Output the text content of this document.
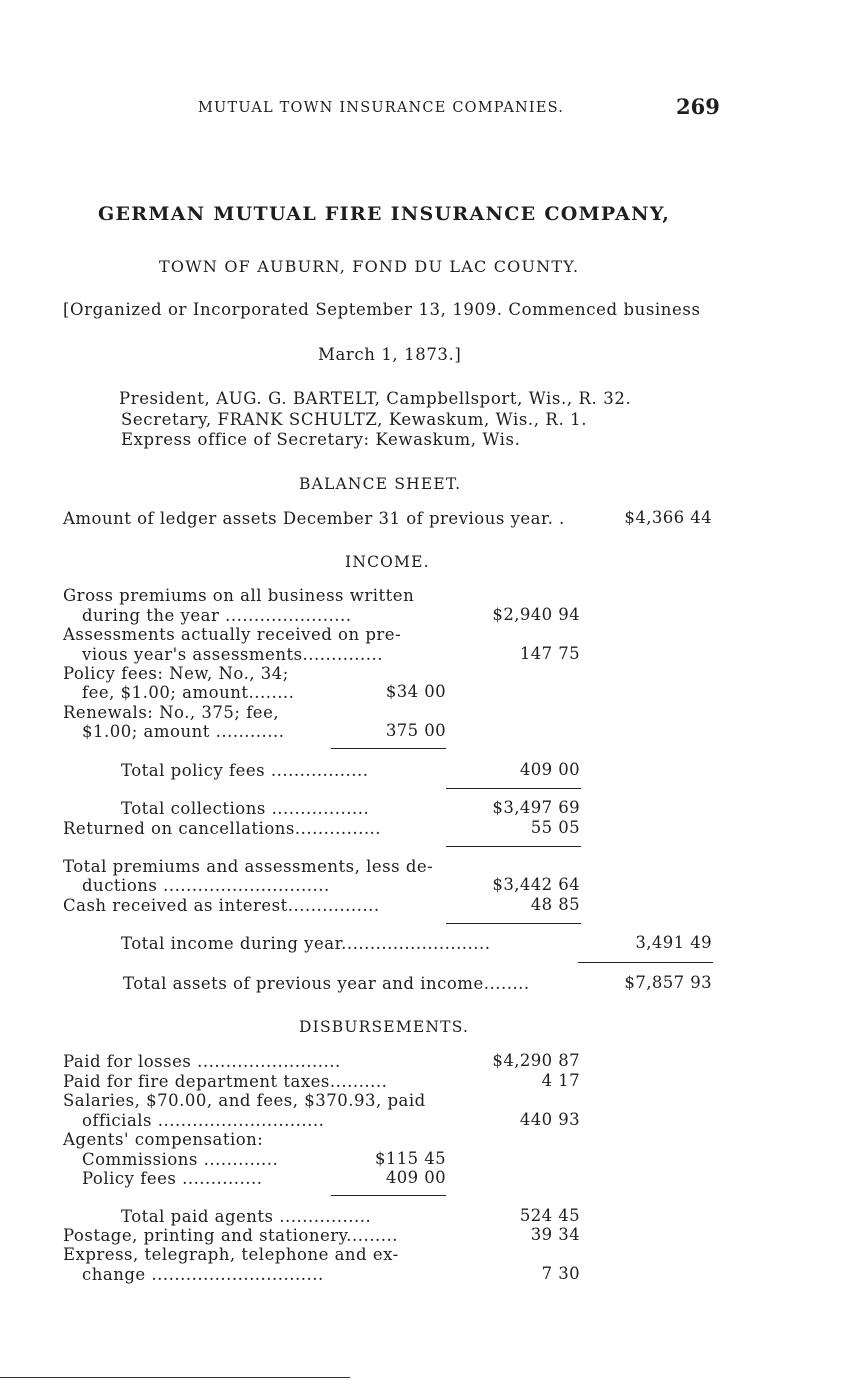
MUTUAL TOWN INSURANCE COMPANIES.	269
GERMAN MUTUAL FIRE INSURANCE COMPANY,
TOWN OF AUBURN, FOND DU LAC COUNTY.
[Organized or Incorporated September 13, 1909. Commenced business
March 1, 1873.]
President, AUG. G. BARTELT, Campbellsport, Wis., R. 32.
Secretary, FRANK SCHULTZ, Kewaskum, Wis., R. 1.
Express office of Secretary: Kewaskum, Wis.
BALANCE SHEET.
Amount of ledger assets December 31 of previous year. .	$4,366 44
INCOME.
Gross premiums on all business written
during the year ......................	$2,940 94
Assessments actually received on pre-
vious year's assessments..............	147 75
Policy fees: New, No., 34;
fee, $1.00; amount........	$34 00
Renewals: No., 375; fee,
$1.00; amount ............	375 00
Total policy fees .................	409 00
Total collections .................	$3,497 69
Returned on cancellations...............	55 05
Total premiums and assessments, less de-
ductions .............................	$3,442 64
Cash received as interest................	48 85
Total income during year..........................	3,491 49
Total assets of previous year and income........	$7,857 93
DISBURSEMENTS.
Paid for losses .........................	$4,290 87
Paid for fire department taxes..........	4 17
Salaries, $70.00, and fees, $370.93, paid
officials .............................	440 93
Agents' compensation:
Commissions .............	$115 45
Policy fees ..............	409 00
Total paid agents ................	524 45
Postage, printing and stationery.........	39 34
Express, telegraph, telephone and ex-
change ..............................	7 30
